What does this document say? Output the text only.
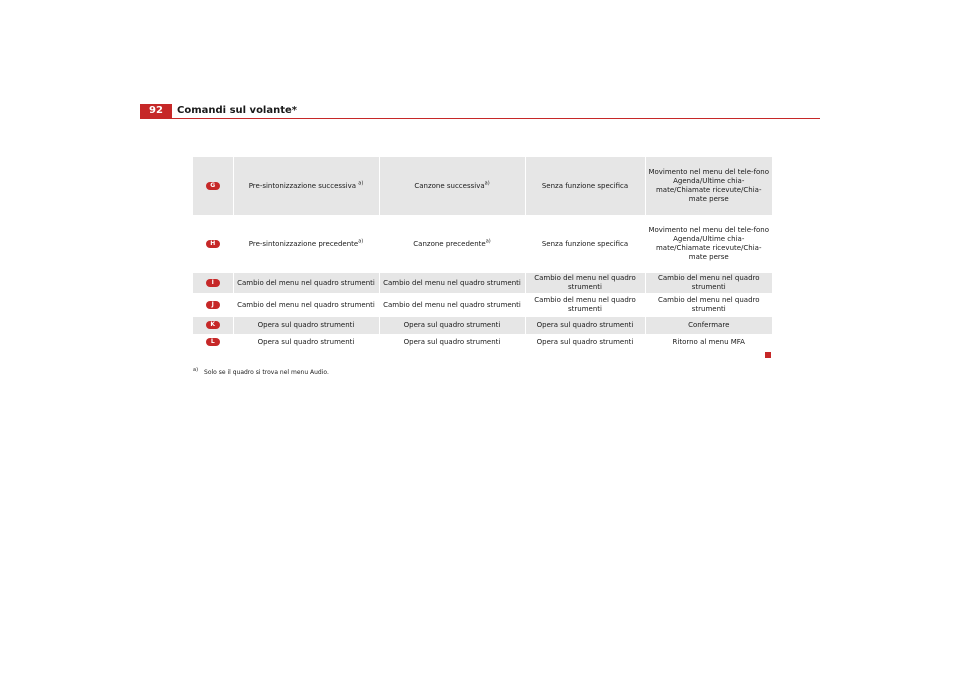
92	Comandi sul volante*
G	Pre-sintonizzazione successiva $^{a)}$	Canzone successiva$^{a)}$	Senza funzione specifica	Movimento nel menu del tele-fono
Agenda/Ultime chia-mate/Chiamate ricevute/Chia-mate perse
H	Pre-sintonizzazione precedente$^{a)}$	Canzone precedente$^{a)}$	Senza funzione specifica	Movimento nel menu del tele-fono
Agenda/Ultime chia-mate/Chiamate ricevute/Chia-mate perse
I	Cambio del menu nel quadro strumenti	Cambio del menu nel quadro strumenti	Cambio del menu nel quadro strumenti	Cambio del menu nel quadro strumenti
J	Cambio del menu nel quadro strumenti	Cambio del menu nel quadro strumenti	Cambio del menu nel quadro strumenti	Cambio del menu nel quadro strumenti
K	Opera sul quadro strumenti	Opera sul quadro strumenti	Opera sul quadro strumenti	Confermare
L	Opera sul quadro strumenti	Opera sul quadro strumenti	Opera sul quadro strumenti	Ritorno al menu MFA
$^{a)}$ Solo se il quadro si trova nel menu Audio.
